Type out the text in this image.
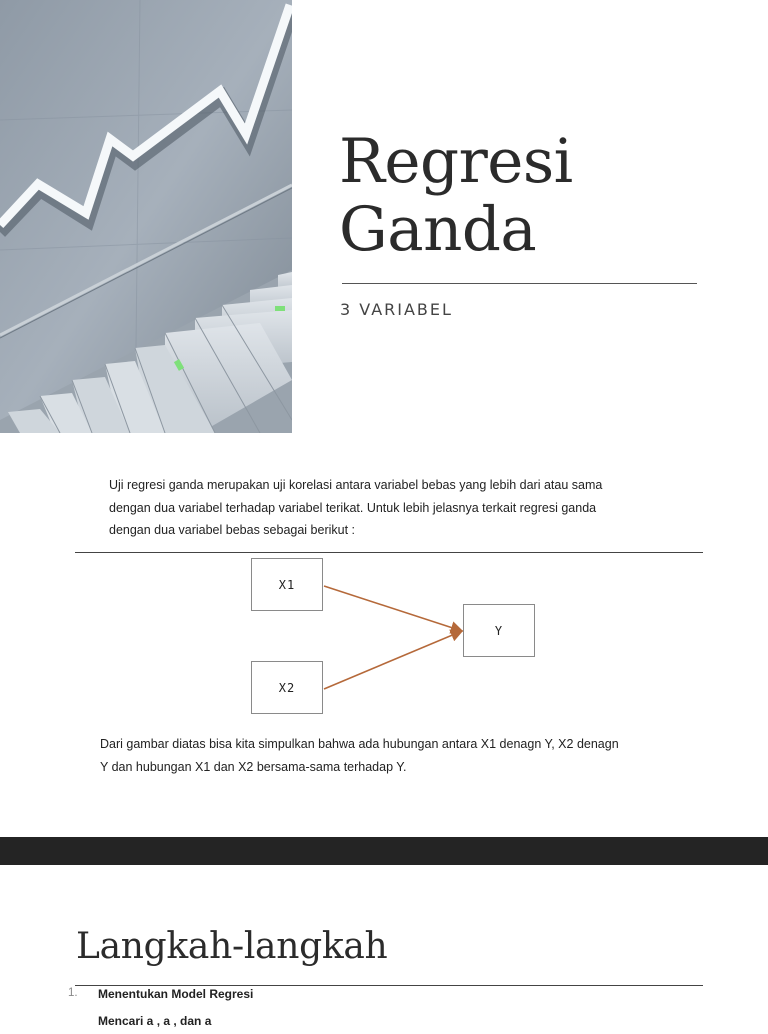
Regresi
Ganda
3 VARIABEL

Uji regresi ganda merupakan uji korelasi antara variabel bebas yang lebih dari atau sama dengan dua variabel terhadap variabel terikat. Untuk lebih jelasnya terkait regresi ganda dengan dua variabel bebas sebagai berikut :

X1
X2
Y

Dari gambar diatas bisa kita simpulkan bahwa ada hubungan antara X1 denagn Y, X2 denagn Y dan hubungan X1 dan X2 bersama-sama terhadap Y.

Langkah-langkah
1. Menentukan Model Regresi
Mencari a , a , dan a
